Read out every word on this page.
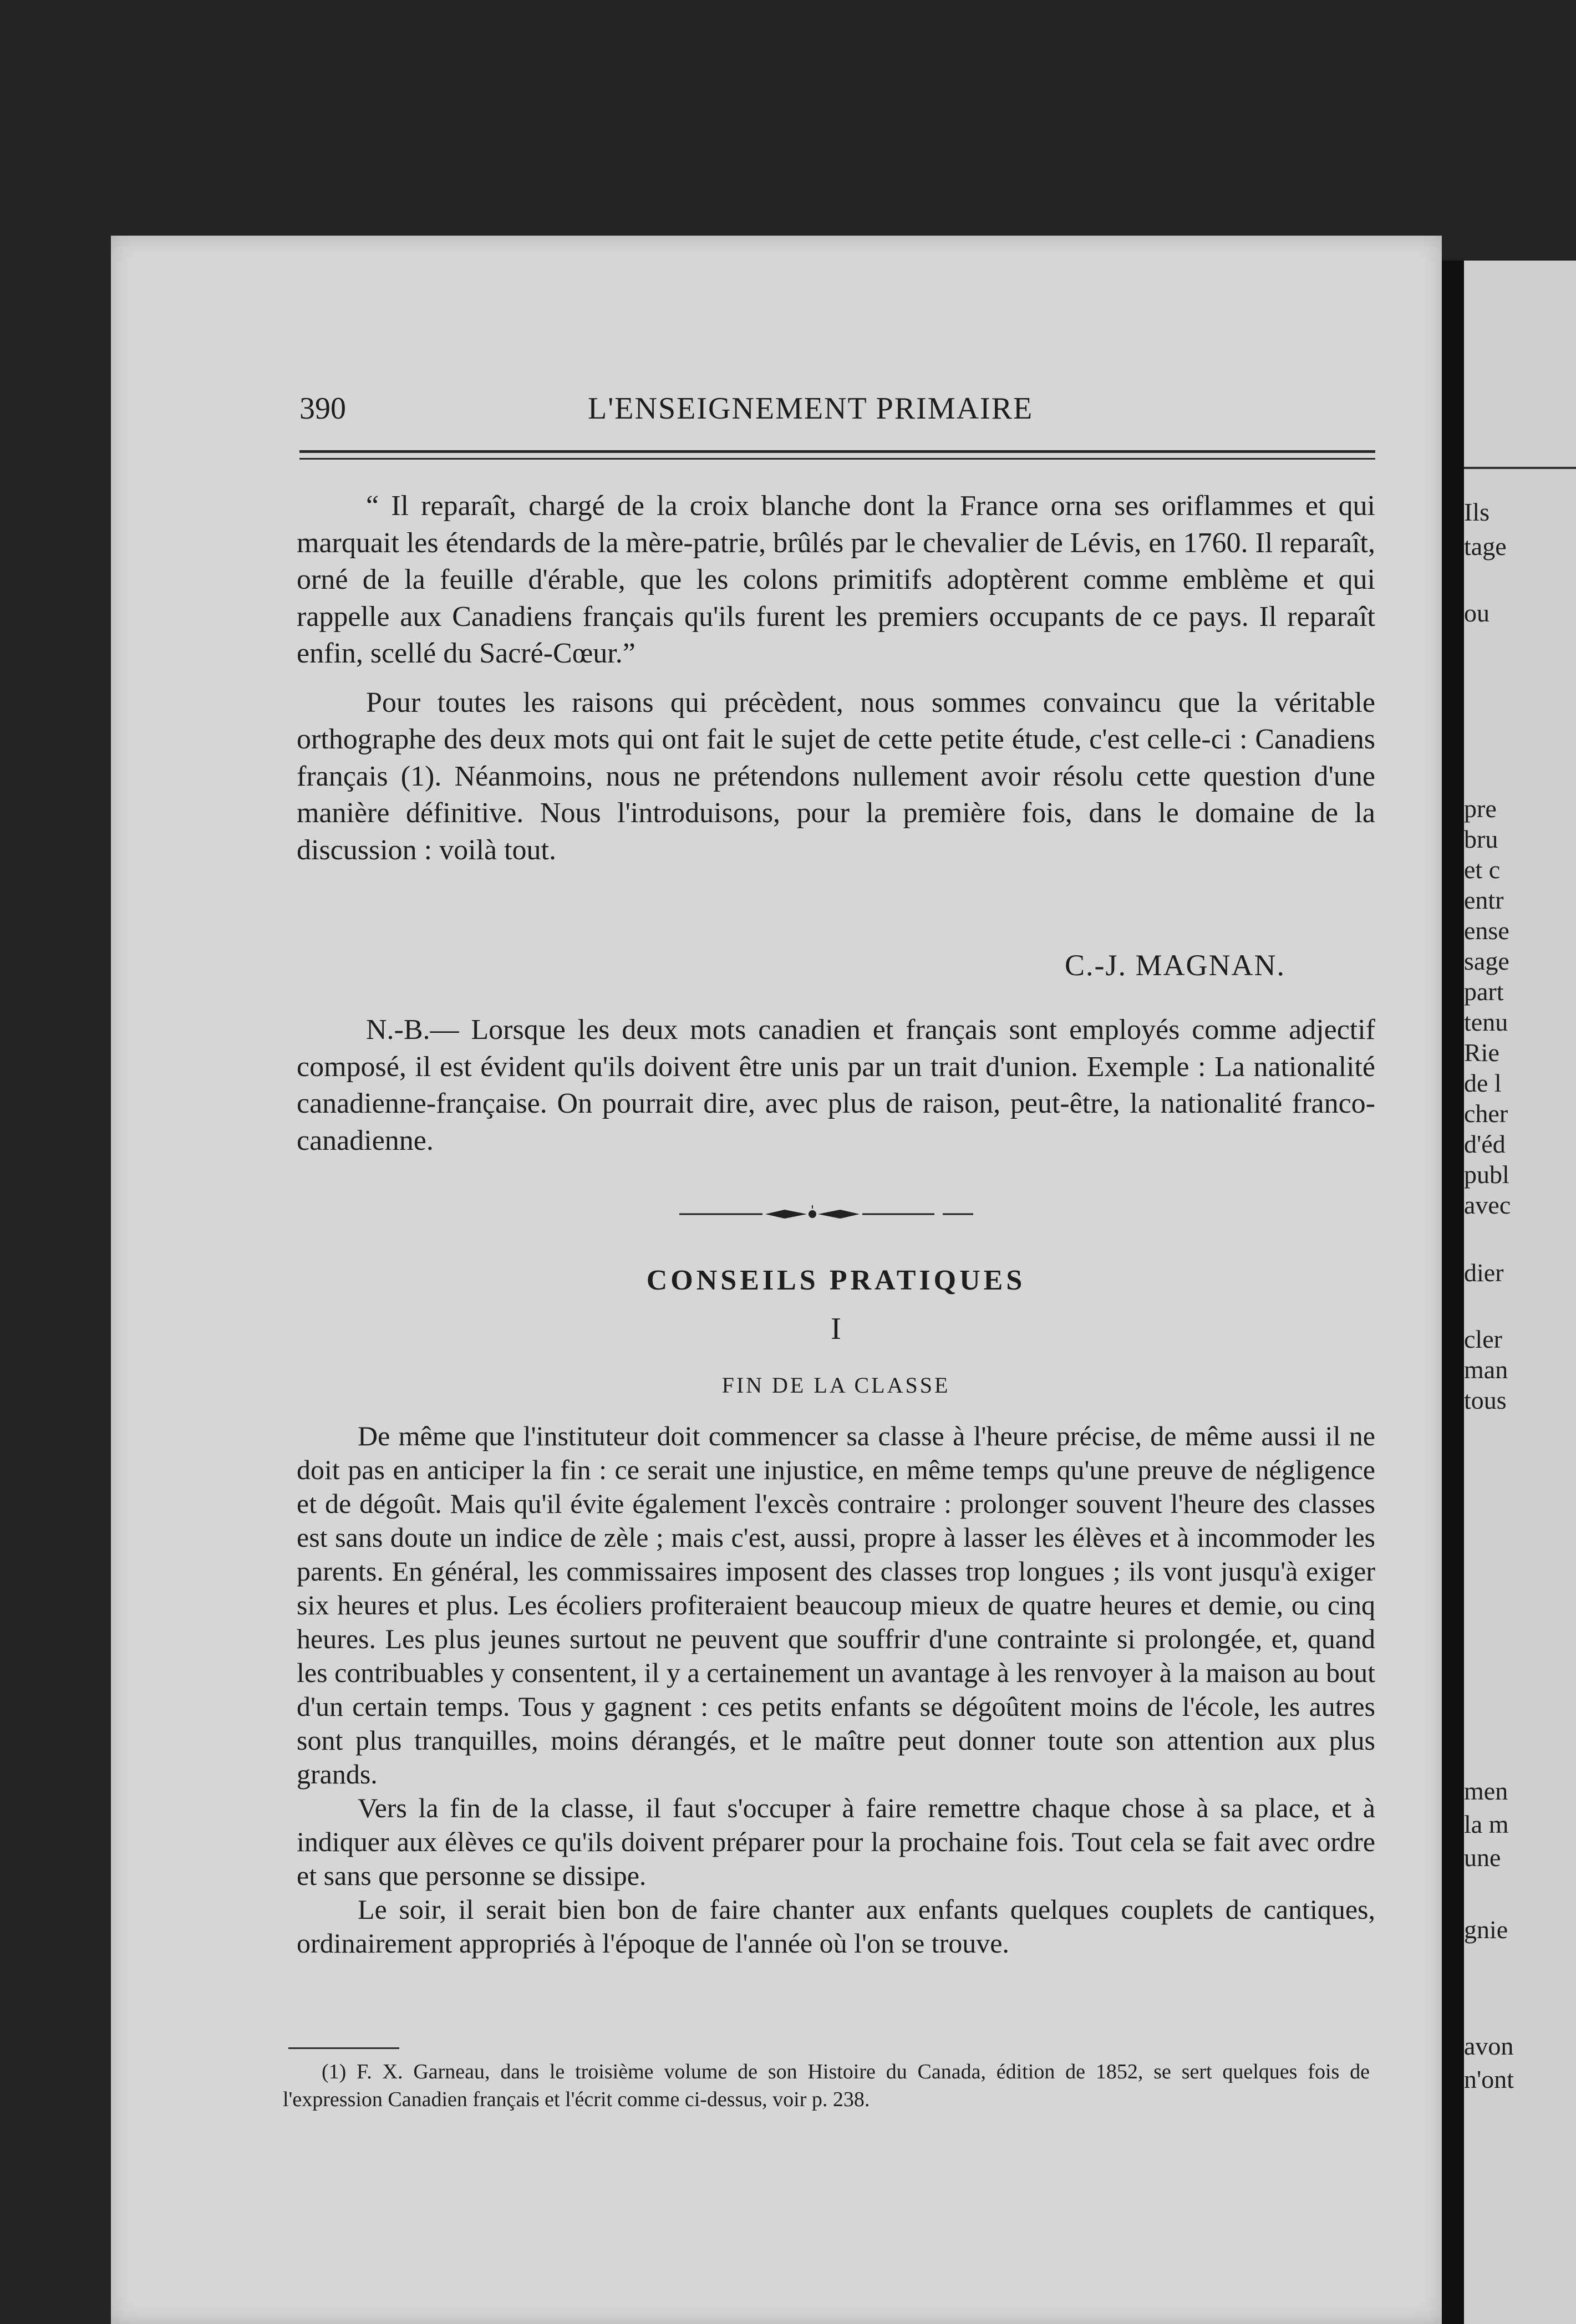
Ils
tage
ou
pre
bru
et c
entr
ense
sage
part
tenu
Rie
de l
cher
d'éd
publ
avec
dier
cler
man
tous
men
la m
une
gnie
avon
n'ont
390	L'ENSEIGNEMENT PRIMAIRE

“ Il reparaît, chargé de la croix blanche dont la France orna ses oriflammes et qui marquait les étendards de la mère-patrie, brûlés par le chevalier de Lévis, en 1760. Il reparaît, orné de la feuille d'érable, que les colons primitifs adoptèrent comme emblème et qui rappelle aux Canadiens français qu'ils furent les premiers occupants de ce pays. Il reparaît enfin, scellé du Sacré-Cœur.”

Pour toutes les raisons qui précèdent, nous sommes convaincu que la véritable orthographe des deux mots qui ont fait le sujet de cette petite étude, c'est celle-ci : Canadiens français (1). Néanmoins, nous ne prétendons nullement avoir résolu cette question d'une manière définitive. Nous l'introduisons, pour la première fois, dans le domaine de la discussion : voilà tout.

C.-J. MAGNAN.

N.-B.— Lorsque les deux mots canadien et français sont employés comme adjectif composé, il est évident qu'ils doivent être unis par un trait d'union. Exemple : La nationalité canadienne-française. On pourrait dire, avec plus de raison, peut-être, la nationalité franco-canadienne.

CONSEILS PRATIQUES
I
FIN DE LA CLASSE

De même que l'instituteur doit commencer sa classe à l'heure précise, de même aussi il ne doit pas en anticiper la fin : ce serait une injustice, en même temps qu'une preuve de négligence et de dégoût. Mais qu'il évite également l'excès contraire : prolonger souvent l'heure des classes est sans doute un indice de zèle ; mais c'est, aussi, propre à lasser les élèves et à incommoder les parents. En général, les commissaires imposent des classes trop longues ; ils vont jusqu'à exiger six heures et plus. Les écoliers profiteraient beaucoup mieux de quatre heures et demie, ou cinq heures. Les plus jeunes surtout ne peuvent que souffrir d'une contrainte si prolongée, et, quand les contribuables y consentent, il y a certainement un avantage à les renvoyer à la maison au bout d'un certain temps. Tous y gagnent : ces petits enfants se dégoûtent moins de l'école, les autres sont plus tranquilles, moins dérangés, et le maître peut donner toute son attention aux plus grands.

Vers la fin de la classe, il faut s'occuper à faire remettre chaque chose à sa place, et à indiquer aux élèves ce qu'ils doivent préparer pour la prochaine fois. Tout cela se fait avec ordre et sans que personne se dissipe.

Le soir, il serait bien bon de faire chanter aux enfants quelques couplets de cantiques, ordinairement appropriés à l'époque de l'année où l'on se trouve.

(1) F. X. Garneau, dans le troisième volume de son Histoire du Canada, édition de 1852, se sert quelques fois de l'expression Canadien français et l'écrit comme ci-dessus, voir p. 238.
